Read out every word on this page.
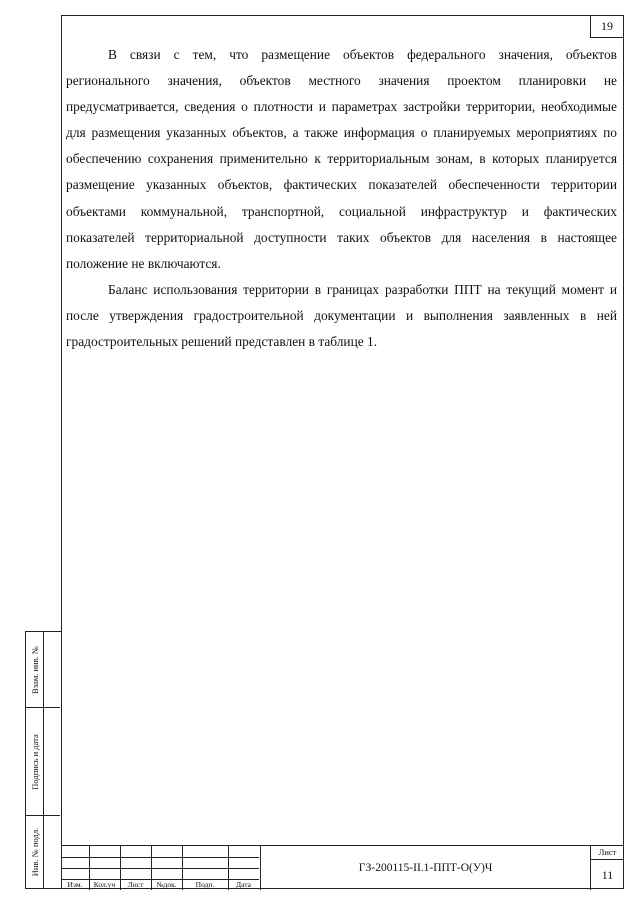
19

В связи с тем, что размещение объектов федерального значения, объектов регионального значения, объектов местного значения проектом планировки не предусматривается, сведения о плотности и параметрах застройки территории, необходимые для размещения указанных объектов, а также информация о планируемых мероприятиях по обеспечению сохранения применительно к территориальным зонам, в которых планируется размещение указанных объектов, фактических показателей обеспеченности территории объектами коммунальной, транспортной, социальной инфраструктур и фактических показателей территориальной доступности таких объектов для населения в настоящее положение не включаются.

Баланс использования территории в границах разработки ППТ на текущий момент и после утверждения градостроительной документации и выполнения заявленных в ней градостроительных решений представлен в таблице 1.

Взам. инв. №
Подпись и дата
Инв. № подл.
Изм.	Кол.уч	Лист	№док.	Подп.	Дата
ГЗ-200115-II.1-ППТ-О(У)Ч
Лист
11
